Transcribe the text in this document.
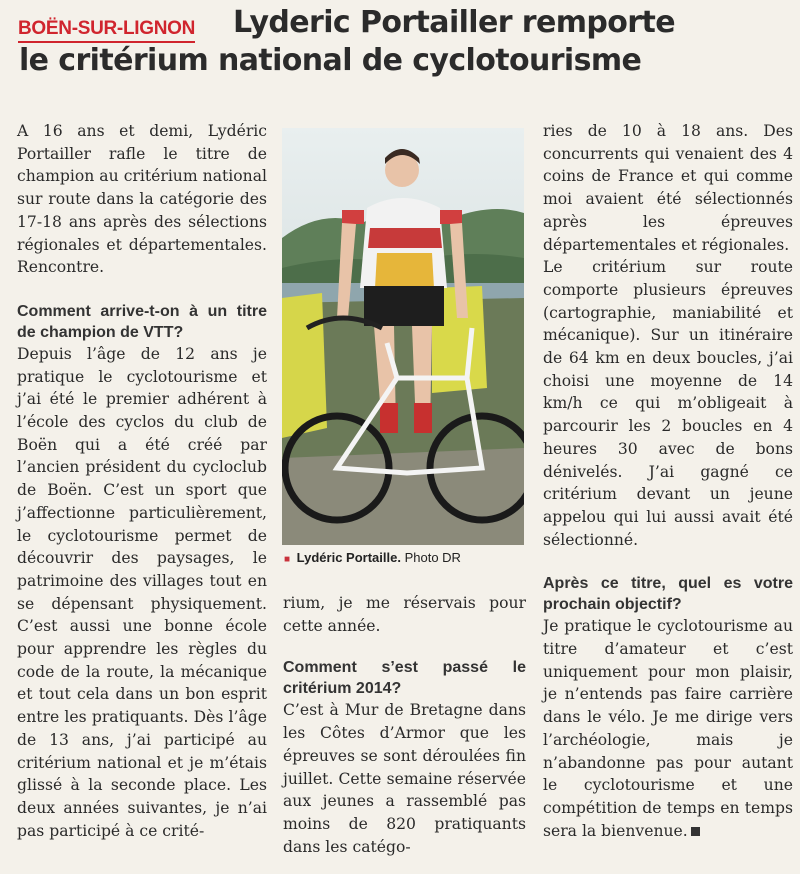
BOËN-SUR-LIGNON Lyderic Portailler remporte
le critérium national de cyclotourisme

A 16 ans et demi, Lydéric Portailler rafle le titre de champion au critérium national sur route dans la catégorie des 17-18 ans après des sélections régionales et départementales. Rencontre.

Comment arrive-t-on à un titre de champion de VTT?

Depuis l’âge de 12 ans je pratique le cyclotourisme et j’ai été le premier adhérent à l’école des cyclos du club de Boën qui a été créé par l’ancien président du cycloclub de Boën. C’est un sport que j’affectionne particulièrement, le cyclotourisme permet de découvrir des paysages, le patrimoine des villages tout en se dépensant physiquement. C’est aussi une bonne école pour apprendre les règles du code de la route, la mécanique et tout cela dans un bon esprit entre les pratiquants. Dès l’âge de 13 ans, j’ai participé au critérium national et je m’étais glissé à la seconde place. Les deux années suivantes, je n’ai pas participé à ce crité-

■ Lydéric Portaille. Photo DR

rium, je me réservais pour cette année.

Comment s’est passé le critérium 2014?

C’est à Mur de Bretagne dans les Côtes d’Armor que les épreuves se sont déroulées fin juillet. Cette semaine réservée aux jeunes a rassemblé pas moins de 820 pratiquants dans les catégo-

ries de 10 à 18 ans. Des concurrents qui venaient des 4 coins de France et qui comme moi avaient été sélectionnés après les épreuves départementales et régionales.

Le critérium sur route comporte plusieurs épreuves (cartographie, maniabilité et mécanique). Sur un itinéraire de 64 km en deux boucles, j’ai choisi une moyenne de 14 km/h ce qui m’obligeait à parcourir les 2 boucles en 4 heures 30 avec de bons dénivelés. J’ai gagné ce critérium devant un jeune appelou qui lui aussi avait été sélectionné.

Après ce titre, quel es votre prochain objectif?

Je pratique le cyclotourisme au titre d’amateur et c’est uniquement pour mon plaisir, je n’entends pas faire carrière dans le vélo. Je me dirige vers l’archéologie, mais je n’abandonne pas pour autant le cyclotourisme et une compétition de temps en temps sera la bienvenue.
